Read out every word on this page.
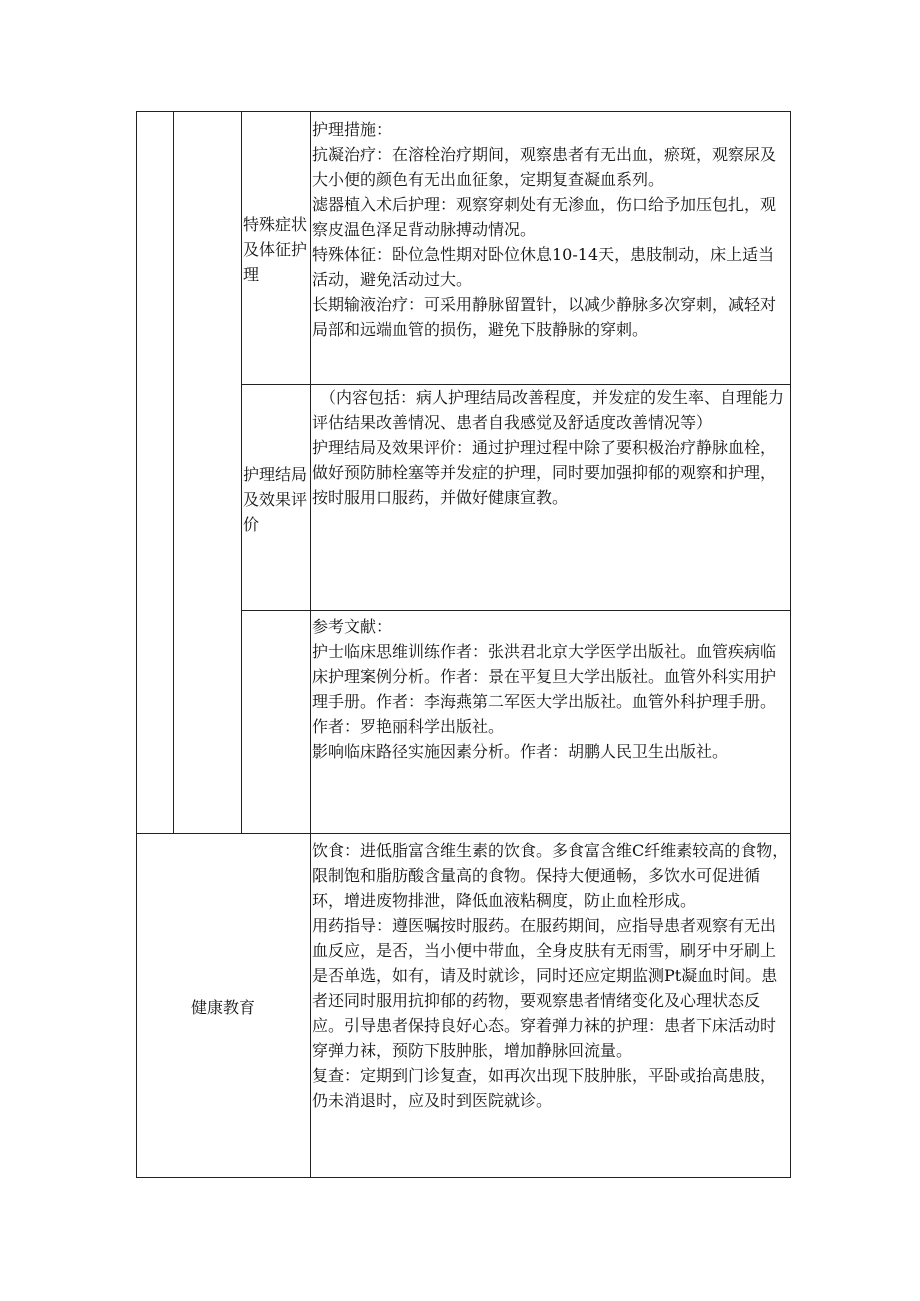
特殊症状及体征护理

护理措施：

抗凝治疗：在溶栓治疗期间，观察患者有无出血，瘀斑，观察尿及大小便的颜色有无出血征象，定期复查凝血系列。

滤器植入术后护理：观察穿刺处有无渗血，伤口给予加压包扎，观察皮温色泽足背动脉搏动情况。

特殊体征：卧位急性期对卧位休息10-14天，患肢制动，床上适当活动，避免活动过大。

长期输液治疗：可采用静脉留置针，以减少静脉多次穿刺，减轻对局部和远端血管的损伤，避免下肢静脉的穿刺。

护理结局及效果评价

（内容包括：病人护理结局改善程度，并发症的发生率、自理能力评估结果改善情况、患者自我感觉及舒适度改善情况等）

护理结局及效果评价：通过护理过程中除了要积极治疗静脉血栓，做好预防肺栓塞等并发症的护理，同时要加强抑郁的观察和护理，按时服用口服药，并做好健康宣教。

参考文献：

护士临床思维训练作者：张洪君北京大学医学出版社。血管疾病临床护理案例分析。作者：景在平复旦大学出版社。血管外科实用护理手册。作者：李海燕第二军医大学出版社。血管外科护理手册。作者：罗艳丽科学出版社。

影响临床路径实施因素分析。作者：胡鹏人民卫生出版社。

健康教育

饮食：进低脂富含维生素的饮食。多食富含维C纤维素较高的食物，限制饱和脂肪酸含量高的食物。保持大便通畅，多饮水可促进循环，增进废物排泄，降低血液粘稠度，防止血栓形成。

用药指导：遵医嘱按时服药。在服药期间，应指导患者观察有无出血反应，是否，当小便中带血，全身皮肤有无雨雪，刷牙中牙刷上是否单选，如有，请及时就诊，同时还应定期监测Pt凝血时间。患者还同时服用抗抑郁的药物，要观察患者情绪变化及心理状态反应。引导患者保持良好心态。穿着弹力袜的护理：患者下床活动时穿弹力袜，预防下肢肿胀，增加静脉回流量。

复查：定期到门诊复查，如再次出现下肢肿胀，平卧或抬高患肢，仍未消退时，应及时到医院就诊。
